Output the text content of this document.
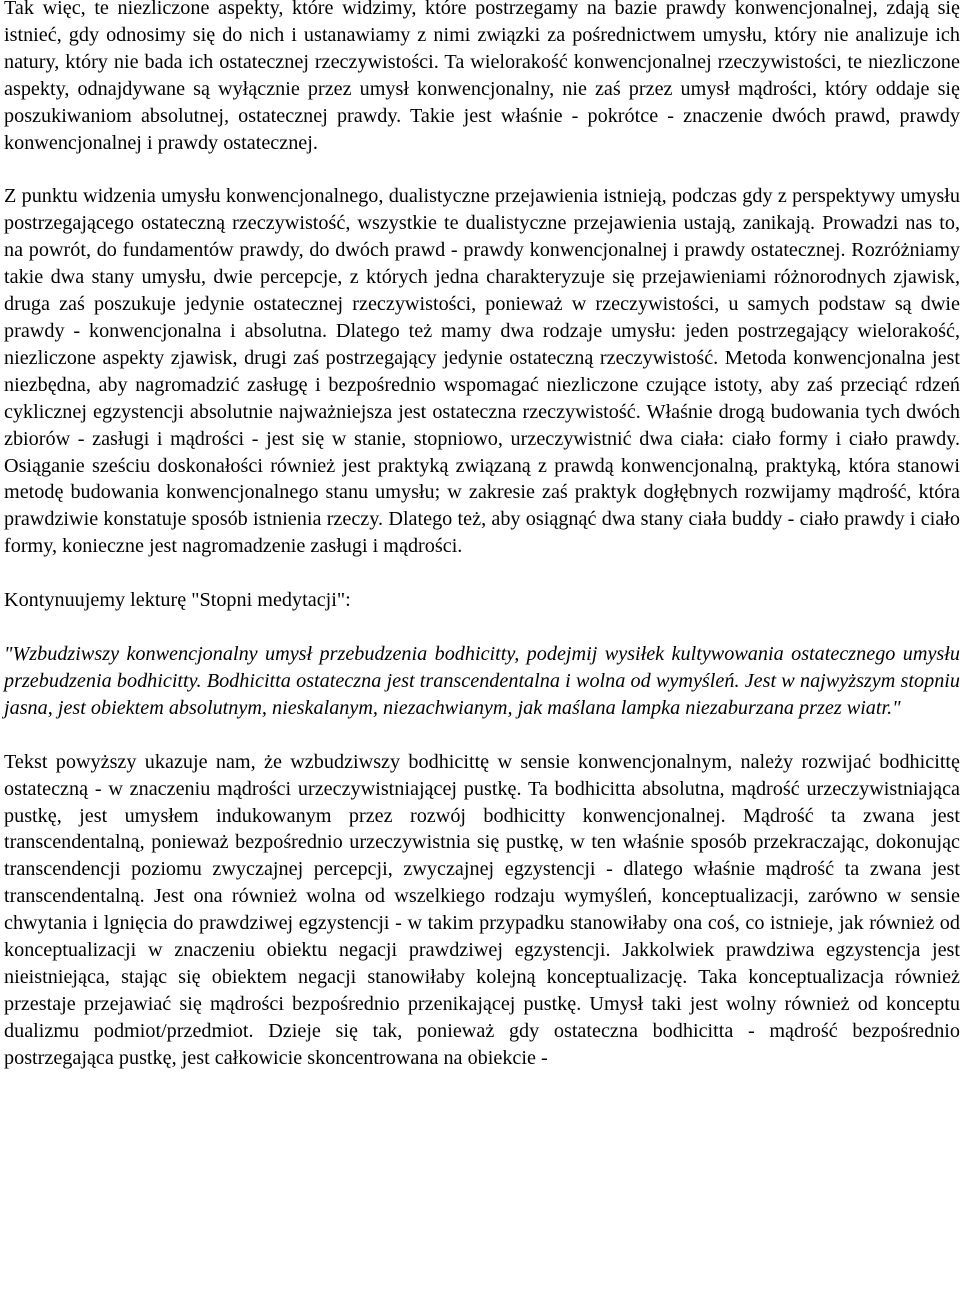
Tak więc, te niezliczone aspekty, które widzimy, które postrzegamy na bazie prawdy konwencjonalnej, zdają się istnieć, gdy odnosimy się do nich i ustanawiamy z nimi związki za pośrednictwem umysłu, który nie analizuje ich natury, który nie bada ich ostatecznej rzeczywistości. Ta wielorakość konwencjonalnej rzeczywistości, te niezliczone aspekty, odnajdywane są wyłącznie przez umysł konwencjonalny, nie zaś przez umysł mądrości, który oddaje się poszukiwaniom absolutnej, ostatecznej prawdy. Takie jest właśnie - pokrótce - znaczenie dwóch prawd, prawdy konwencjonalnej i prawdy ostatecznej.

Z punktu widzenia umysłu konwencjonalnego, dualistyczne przejawienia istnieją, podczas gdy z perspektywy umysłu postrzegającego ostateczną rzeczywistość, wszystkie te dualistyczne przejawienia ustają, zanikają. Prowadzi nas to, na powrót, do fundamentów prawdy, do dwóch prawd - prawdy konwencjonalnej i prawdy ostatecznej. Rozróżniamy takie dwa stany umysłu, dwie percepcje, z których jedna charakteryzuje się przejawieniami różnorodnych zjawisk, druga zaś poszukuje jedynie ostatecznej rzeczywistości, ponieważ w rzeczywistości, u samych podstaw są dwie prawdy - konwencjonalna i absolutna. Dlatego też mamy dwa rodzaje umysłu: jeden postrzegający wielorakość, niezliczone aspekty zjawisk, drugi zaś postrzegający jedynie ostateczną rzeczywistość. Metoda konwencjonalna jest niezbędna, aby nagromadzić zasługę i bezpośrednio wspomagać niezliczone czujące istoty, aby zaś przeciąć rdzeń cyklicznej egzystencji absolutnie najważniejsza jest ostateczna rzeczywistość. Właśnie drogą budowania tych dwóch zbiorów - zasługi i mądrości - jest się w stanie, stopniowo, urzeczywistnić dwa ciała: ciało formy i ciało prawdy. Osiąganie sześciu doskonałości również jest praktyką związaną z prawdą konwencjonalną, praktyką, która stanowi metodę budowania konwencjonalnego stanu umysłu; w zakresie zaś praktyk dogłębnych rozwijamy mądrość, która prawdziwie konstatuje sposób istnienia rzeczy. Dlatego też, aby osiągnąć dwa stany ciała buddy - ciało prawdy i ciało formy, konieczne jest nagromadzenie zasługi i mądrości.

Kontynuujemy lekturę "Stopni medytacji":

"Wzbudziwszy konwencjonalny umysł przebudzenia bodhicitty, podejmij wysiłek kultywowania ostatecznego umysłu przebudzenia bodhicitty. Bodhicitta ostateczna jest transcendentalna i wolna od wymyśleń. Jest w najwyższym stopniu jasna, jest obiektem absolutnym, nieskalanym, niezachwianym, jak maślana lampka niezaburzana przez wiatr."

Tekst powyższy ukazuje nam, że wzbudziwszy bodhicittę w sensie konwencjonalnym, należy rozwijać bodhicittę ostateczną - w znaczeniu mądrości urzeczywistniającej pustkę. Ta bodhicitta absolutna, mądrość urzeczywistniająca pustkę, jest umysłem indukowanym przez rozwój bodhicitty konwencjonalnej. Mądrość ta zwana jest transcendentalną, ponieważ bezpośrednio urzeczywistnia się pustkę, w ten właśnie sposób przekraczając, dokonując transcendencji poziomu zwyczajnej percepcji, zwyczajnej egzystencji - dlatego właśnie mądrość ta zwana jest transcendentalną. Jest ona również wolna od wszelkiego rodzaju wymyśleń, konceptualizacji, zarówno w sensie chwytania i lgnięcia do prawdziwej egzystencji - w takim przypadku stanowiłaby ona coś, co istnieje, jak również od konceptualizacji w znaczeniu obiektu negacji prawdziwej egzystencji. Jakkolwiek prawdziwa egzystencja jest nieistniejąca, stając się obiektem negacji stanowiłaby kolejną konceptualizację. Taka konceptualizacja również przestaje przejawiać się mądrości bezpośrednio przenikającej pustkę. Umysł taki jest wolny również od konceptu dualizmu podmiot/przedmiot. Dzieje się tak, ponieważ gdy ostateczna bodhicitta - mądrość bezpośrednio postrzegająca pustkę, jest całkowicie skoncentrowana na obiekcie -
